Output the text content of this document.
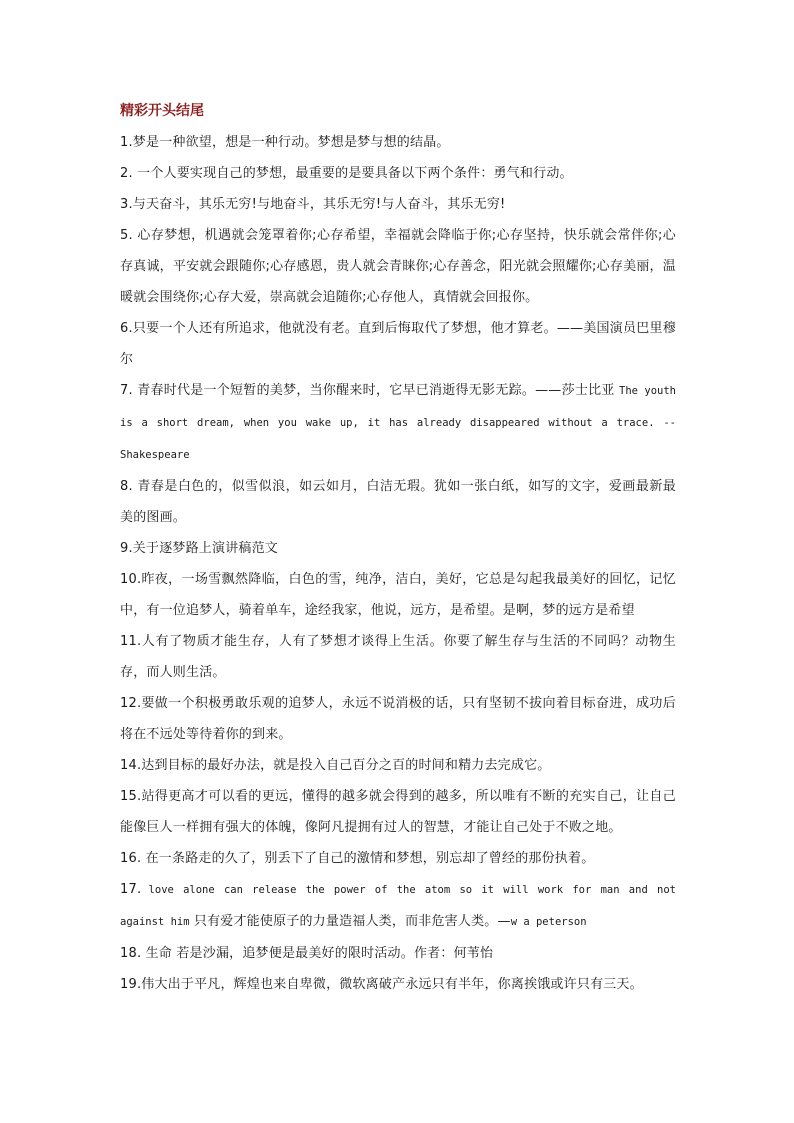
精彩开头结尾

1.梦是一种欲望，想是一种行动。梦想是梦与想的结晶。

2. 一个人要实现自己的梦想，最重要的是要具备以下两个条件：勇气和行动。

3.与天奋斗，其乐无穷!与地奋斗，其乐无穷!与人奋斗，其乐无穷!

5. 心存梦想，机遇就会笼罩着你;心存希望，幸福就会降临于你;心存坚持，快乐就会常伴你;心存真诚，平安就会跟随你;心存感恩，贵人就会青睐你;心存善念，阳光就会照耀你;心存美丽，温暖就会围绕你;心存大爱，崇高就会追随你;心存他人，真情就会回报你。

6.只要一个人还有所追求，他就没有老。直到后悔取代了梦想，他才算老。——美国演员巴里穆尔

7. 青春时代是一个短暂的美梦，当你醒来时，它早已消逝得无影无踪。——莎士比亚 The youth is a short dream, when you wake up, it has already disappeared without a trace. -- Shakespeare

8. 青春是白色的，似雪似浪，如云如月，白洁无瑕。犹如一张白纸，如写的文字，爱画最新最美的图画。

9.关于逐梦路上演讲稿范文

10.昨夜，一场雪飘然降临，白色的雪，纯净，洁白，美好，它总是勾起我最美好的回忆，记忆中，有一位追梦人，骑着单车，途经我家，他说，远方，是希望。是啊，梦的远方是希望

11.人有了物质才能生存，人有了梦想才谈得上生活。你要了解生存与生活的不同吗？动物生存，而人则生活。

12.要做一个积极勇敢乐观的追梦人，永远不说消极的话，只有坚韧不拔向着目标奋进，成功后将在不远处等待着你的到来。

14.达到目标的最好办法，就是投入自己百分之百的时间和精力去完成它。

15.站得更高才可以看的更远，懂得的越多就会得到的越多，所以唯有不断的充实自己，让自己能像巨人一样拥有强大的体魄，像阿凡提拥有过人的智慧，才能让自己处于不败之地。

16. 在一条路走的久了，别丢下了自己的激情和梦想，别忘却了曾经的那份执着。

17. love alone can release the power of the atom so it will work for man and not against him 只有爱才能使原子的力量造福人类，而非危害人类。—w a peterson

18. 生命 若是沙漏，追梦便是最美好的限时活动。作者：何苇怡

19.伟大出于平凡，辉煌也来自卑微，微软离破产永远只有半年，你离挨饿或许只有三天。
